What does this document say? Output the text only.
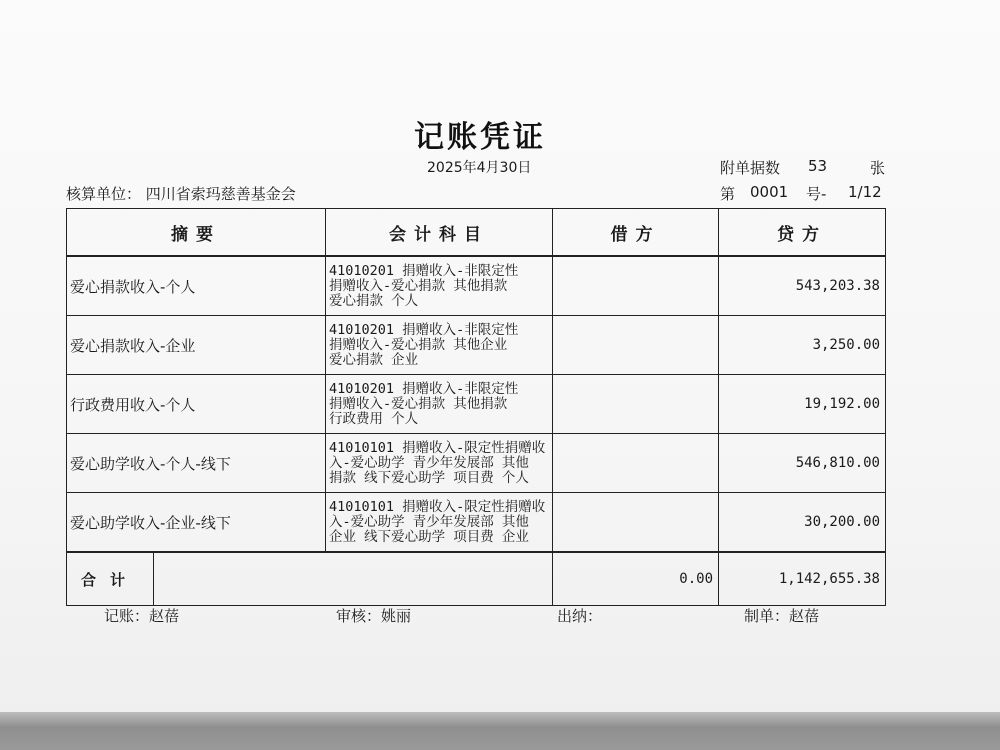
记账凭证
2025年4月30日	附单据数 53	张
核算单位： 四川省索玛慈善基金会	第 0001 号- 1/12
摘要		会计科目	借方	贷方
爱心捐款收入-个人		41010201 捐赠收入-非限定性
捐赠收入-爱心捐款 其他捐款
爱心捐款 个人		543,203.38
爱心捐款收入-企业		41010201 捐赠收入-非限定性
捐赠收入-爱心捐款 其他企业
爱心捐款 企业		3,250.00
行政费用收入-个人		41010201 捐赠收入-非限定性
捐赠收入-爱心捐款 其他捐款
行政费用 个人		19,192.00
爱心助学收入-个人-线下		41010101 捐赠收入-限定性捐赠收
入-爱心助学 青少年发展部 其他
捐款 线下爱心助学 项目费 个人		546,810.00
爱心助学收入-企业-线下		41010101 捐赠收入-限定性捐赠收
入-爱心助学 青少年发展部 其他
企业 线下爱心助学 项目费 企业		30,200.00
合计			0.00	1,142,655.38
记账：赵蓓	审核：姚丽	出纳：	制单：赵蓓
